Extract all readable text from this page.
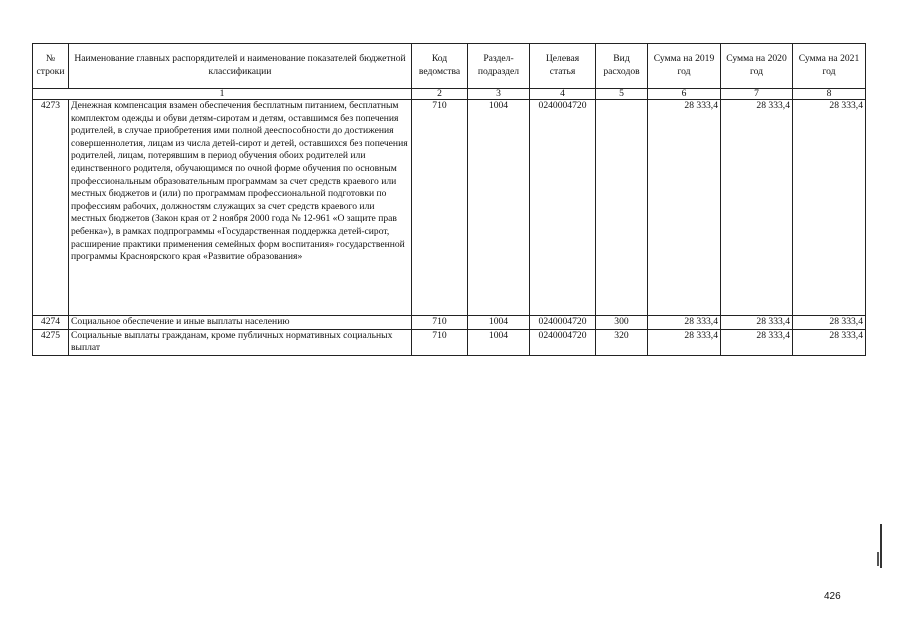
№ строки	Наименование главных распорядителей и наименование показателей бюджетной классификации	Код ведомства	Раздел-подраздел	Целевая статья	Вид расходов	Сумма на 2019 год	Сумма на 2020 год	Сумма на 2021 год
1		2	3	4	5	6	7	8
4273	Денежная компенсация взамен обеспечения бесплатным питанием, бесплатным комплектом одежды и обуви детям-сиротам и детям, оставшимся без попечения родителей, в случае приобретения ими полной дееспособности до достижения совершеннолетия, лицам из числа детей-сирот и детей, оставшихся без попечения родителей, лицам, потерявшим в период обучения обоих родителей или единственного родителя, обучающимся по очной форме обучения по основным профессиональным образовательным программам за счет средств краевого или местных бюджетов и (или) по программам профессиональной подготовки по профессиям рабочих, должностям служащих за счет средств краевого или местных бюджетов (Закон края от 2 ноября 2000 года № 12-961 «О защите прав ребенка»), в рамках подпрограммы «Государственная поддержка детей-сирот, расширение практики применения семейных форм воспитания» государственной программы Красноярского края «Развитие образования»	710	1004	0240004720		28 333,4	28 333,4	28 333,4
4274	Социальное обеспечение и иные выплаты населению	710	1004	0240004720	300	28 333,4	28 333,4	28 333,4
4275	Социальные выплаты гражданам, кроме публичных нормативных социальных выплат	710	1004	0240004720	320	28 333,4	28 333,4	28 333,4
426
